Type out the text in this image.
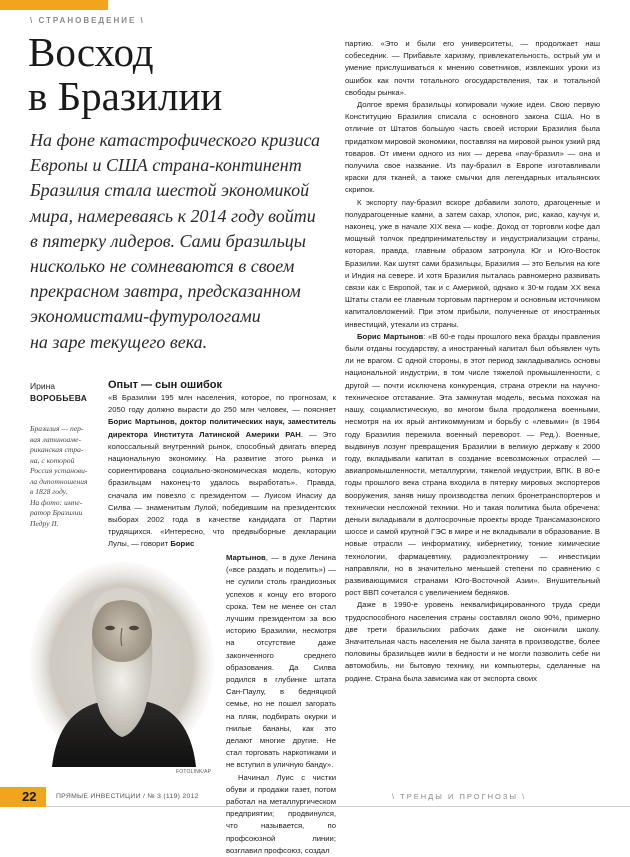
\ СТРАНОВЕДЕНИЕ \
Восход
в Бразилии
На фоне катастрофического кризиса
Европы и США страна-континент
Бразилия стала шестой экономикой
мира, намереваясь к 2014 году войти
в пятерку лидеров. Сами бразильцы
нисколько не сомневаются в своем
прекрасном завтра, предсказанном
экономистами-футурологами
на заре текущего века.
Ирина
ВОРОБЬЕВА
Бразилия — пер-
вая латиноаме-
риканская стра-
на, с которой
Россия установи-
ла дипотношения
в 1828 году.
На фото: импе-
ратор Бразилии
Педру II.
Опыт — сын ошибок

«В Бразилии 195 млн населения, которое, по прогнозам, к 2050 году должно вырасти до 250 млн человек, — поясняет Борис Мартынов, доктор политических наук, заместитель директора Института Латинской Америки РАН. — Это колоссальный внутренний рынок, способный двигать вперед национальную экономику. На развитие этого рынка и сориентирована социально-экономическая модель, которую бразильцам наконец-то удалось выработать». Правда, сначала им повезло с президентом — Луисом Инасиу да Силва — знаменитым Лулой, победившим на президентских выборах 2002 года в качестве кандидата от Партии трудящихся. «Интересно, что предвыборные декларации Лулы, — говорит Борис

FOTOLINK/AP

Мартынов, — в духе Ленина («все раздать и поделить») — не сулили столь грандиозных успехов к концу его второго срока. Тем не менее он стал лучшим президентом за всю историю Бразилии, несмотря на отсутствие даже законченного среднего образования. Да Силва родился в глубинке штата Сан-Паулу, в бедняцкой семье, но не пошел загорать на пляж, подбирать окурки и гнилые бананы, как это делают многие другие. Не стал торговать наркотиками и не вступил в уличную банду».

Начинал Луис с чистки обуви и продажи газет, потом работал на металлургическом предприятии; продвинулся, что называется, по профсоюзной линии; возглавил профсоюз, создал

партию. «Это и были его университеты, — продолжает наш собеседник. — Прибавьте харизму, привлекательность, острый ум и умение прислушиваться к мнению советников, извлекших уроки из ошибок как почти тотального огосударствления, так и тотальной свободы рынка».

Долгое время бразильцы копировали чужие идеи. Свою первую Конституцию Бразилия списала с основного закона США. Но в отличие от Штатов большую часть своей истории Бразилия была придатком мировой экономики, поставляя на мировой рынок узкий ряд товаров. От имени одного из них — дерева «пау-бразил» — она и получила свое название. Из пау-бразил в Европе изготавливали краски для тканей, а также смычки для легендарных итальянских скрипок.

К экспорту пау-бразил вскоре добавили золото, драгоценные и полудрагоценные камни, а затем сахар, хлопок, рис, какао, каучук и, наконец, уже в начале XIX века — кофе. Доход от торговли кофе дал мощный толчок предпринимательству и индустриализации страны, которая, правда, главным образом затронула Юг и Юго-Восток Бразилии. Как шутят сами бразильцы, Бразилия — это Бельгия на юге и Индия на севере. И хотя Бразилия пыталась равномерно развивать связи как с Европой, так и с Америкой, однако к 30-м годам XX века Штаты стали ее главным торговым партнером и основным источником капиталовложений. При этом прибыли, полученные от иностранных инвестиций, утекали из страны.

Борис Мартынов: «В 60-е годы прошлого века бразды правления были отданы государству, а иностранный капитал был объявлен чуть ли не врагом. С одной стороны, в этот период закладывались основы национальной индустрии, в том числе тяжелой промышленности, с другой — почти исключена конкуренция, страна отрекли на научно-техническое отставание. Эта замкнутая модель, весьма похожая на нашу, социалистическую, во многом была продолжена военными, несмотря на их ярый антикоммунизм и борьбу с «левыми» (в 1964 году Бразилия пережила военный переворот. — Ред.). Военные, выдвинув лозунг превращения Бразилии в великую державу к 2000 году, вкладывали капитал в создание всевозможных отраслей — авиапромышленности, металлургии, тяжелой индустрии, ВПК. В 80-е годы прошлого века страна входила в пятерку мировых экспортеров вооружения, заняв нишу производства легких бронетранспортеров и технически несложной техники. Но и такая политика была обречена: деньги вкладывали в долгосрочные проекты вроде Трансамазонского шоссе и самой крупной ГЭС в мире и не вкладывали в образование. В новые отрасли — информатику, кибернетику, тонкие химические технологии, фармацевтику, радиоэлектронику — инвестиции направляли, но в значительно меньшей степени по сравнению с развивающимися странами Юго-Восточной Азии». Внушительный рост ВВП сочетался с увеличением бедняков.

Даже в 1990-е уровень неквалифицированного труда среди трудоспособного населения страны составлял около 90%, примерно две трети бразильских рабочих даже не окончили школу. Значительная часть населения не была занята в производстве, более половины бразильцев жили в бедности и не могли позволить себе ни автомобиль, ни бытовую технику, ни компьютеры, сделанные на родине. Страна была зависима как от экспорта своих

22	ПРЯМЫЕ ИНВЕСТИЦИИ / № 3 (119) 2012	\ ТРЕНДЫ И ПРОГНОЗЫ \
